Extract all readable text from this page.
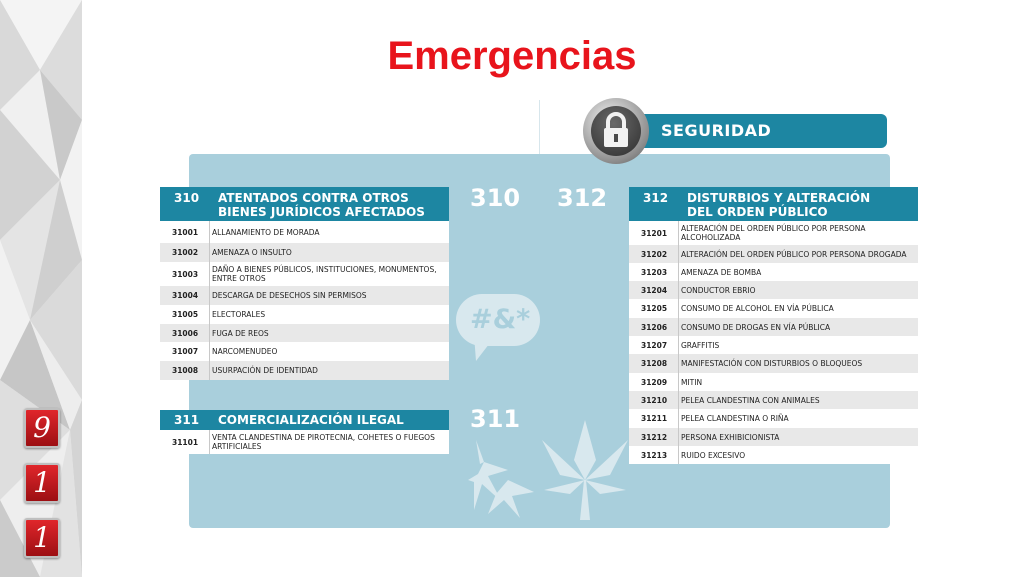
9
1
1
Emergencias
#&*
310 312
311
SEGURIDAD
310 ATENTADOS CONTRA OTROS
BIENES JURÍDICOS AFECTADOS
31001	ALLANAMIENTO DE MORADA
31002	AMENAZA O INSULTO
31003	DAÑO A BIENES PÚBLICOS, INSTITUCIONES, MONUMENTOS, ENTRE OTROS
31004	DESCARGA DE DESECHOS SIN PERMISOS
31005	ELECTORALES
31006	FUGA DE REOS
31007	NARCOMENUDEO
31008	USURPACIÓN DE IDENTIDAD
311 COMERCIALIZACIÓN ILEGAL
31101	VENTA CLANDESTINA DE PIROTECNIA, COHETES O FUEGOS ARTIFICIALES
312 DISTURBIOS Y ALTERACIÓN
DEL ORDEN PÚBLICO
31201	ALTERACIÓN DEL ORDEN PÚBLICO POR PERSONA ALCOHOLIZADA
31202	ALTERACIÓN DEL ORDEN PÚBLICO POR PERSONA DROGADA
31203	AMENAZA DE BOMBA
31204	CONDUCTOR EBRIO
31205	CONSUMO DE ALCOHOL EN VÍA PÚBLICA
31206	CONSUMO DE DROGAS EN VÍA PÚBLICA
31207	GRAFFITIS
31208	MANIFESTACIÓN CON DISTURBIOS O BLOQUEOS
31209	MITIN
31210	PELEA CLANDESTINA CON ANIMALES
31211	PELEA CLANDESTINA O RIÑA
31212	PERSONA EXHIBICIONISTA
31213	RUIDO EXCESIVO
